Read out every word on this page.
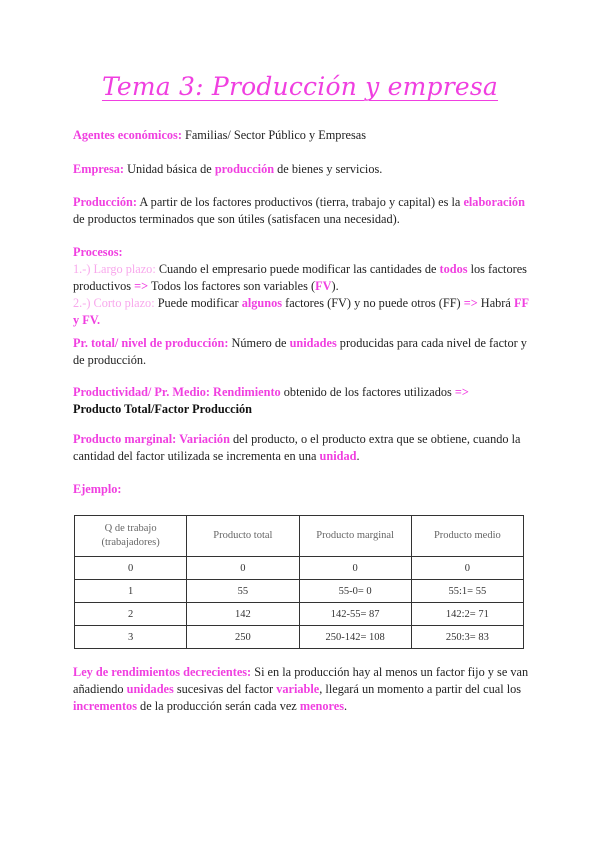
Tema 3: Producción y empresa
Agentes económicos: Familias/ Sector Público y Empresas
Empresa: Unidad básica de producción de bienes y servicios.
Producción: A partir de los factores productivos (tierra, trabajo y capital) es la elaboración de productos terminados que son útiles (satisfacen una necesidad).
Procesos:
1.-) Largo plazo: Cuando el empresario puede modificar las cantidades de todos los factores productivos => Todos los factores son variables (FV).
2.-) Corto plazo: Puede modificar algunos factores (FV) y no puede otros (FF) => Habrá FF y FV.
Pr. total/ nivel de producción: Número de unidades producidas para cada nivel de factor y de producción.
Productividad/ Pr. Medio: Rendimiento obtenido de los factores utilizados =>
Producto Total/Factor Producción
Producto marginal: Variación del producto, o el producto extra que se obtiene, cuando la cantidad del factor utilizada se incrementa en una unidad.
Ejemplo:
Q de trabajo (trabajadores)	Producto total	Producto marginal	Producto medio
0	0	0	0
1	55	55-0= 0	55:1= 55
2	142	142-55= 87	142:2= 71
3	250	250-142= 108	250:3= 83
Ley de rendimientos decrecientes: Si en la producción hay al menos un factor fijo y se van añadiendo unidades sucesivas del factor variable, llegará un momento a partir del cual los incrementos de la producción serán cada vez menores.
